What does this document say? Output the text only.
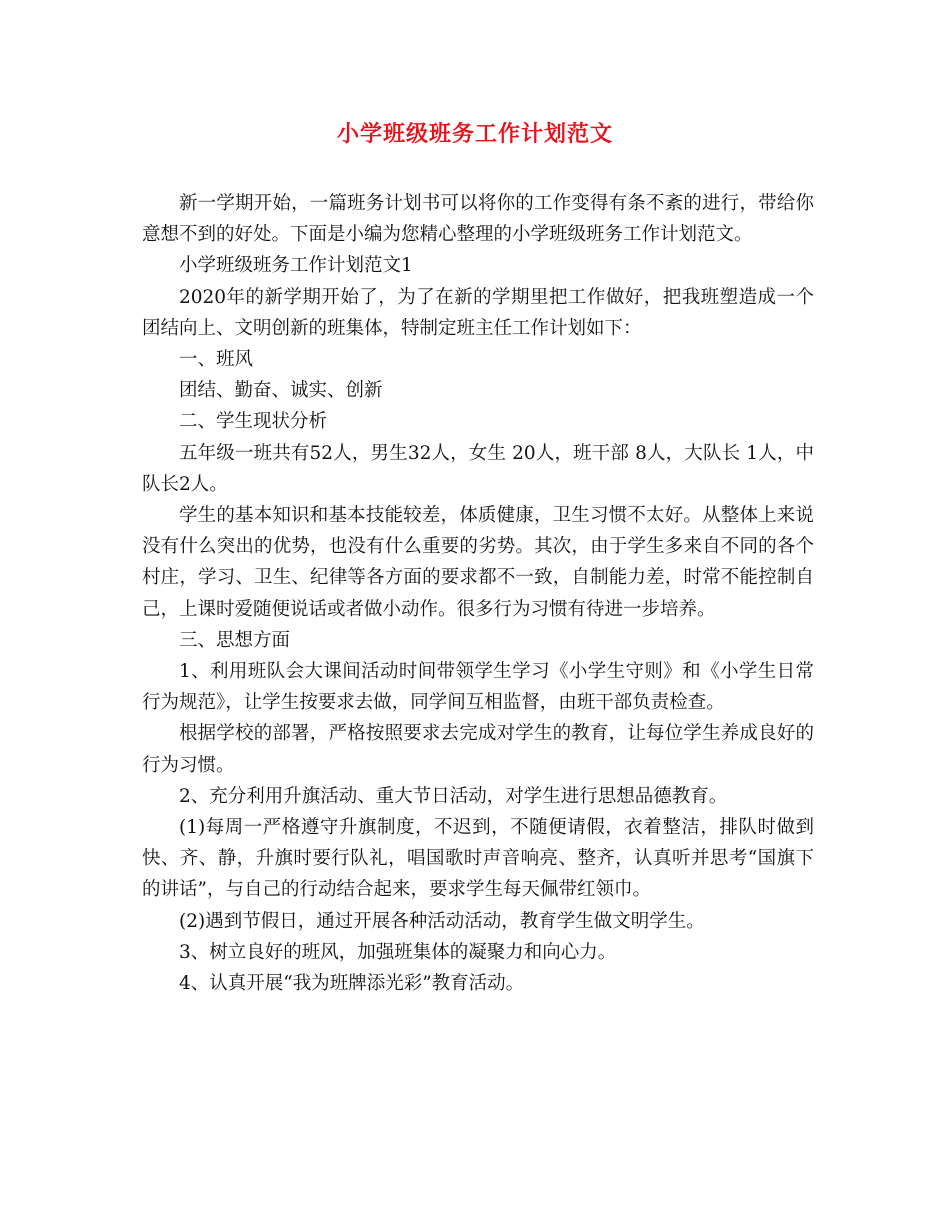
小学班级班务工作计划范文

新一学期开始，一篇班务计划书可以将你的工作变得有条不紊的进行，带给你意想不到的好处。下面是小编为您精心整理的小学班级班务工作计划范文。

小学班级班务工作计划范文1

2020年的新学期开始了，为了在新的学期里把工作做好，把我班塑造成一个团结向上、文明创新的班集体，特制定班主任工作计划如下：

一、班风

团结、勤奋、诚实、创新

二、学生现状分析

五年级一班共有52人，男生32人，女生 20人，班干部 8人，大队长 1人，中队长2人。

学生的基本知识和基本技能较差，体质健康，卫生习惯不太好。从整体上来说没有什么突出的优势，也没有什么重要的劣势。其次，由于学生多来自不同的各个村庄，学习、卫生、纪律等各方面的要求都不一致，自制能力差，时常不能控制自己，上课时爱随便说话或者做小动作。很多行为习惯有待进一步培养。

三、思想方面

1、利用班队会大课间活动时间带领学生学习《小学生守则》和《小学生日常行为规范》，让学生按要求去做，同学间互相监督，由班干部负责检查。

根据学校的部署，严格按照要求去完成对学生的教育，让每位学生养成良好的行为习惯。

2、充分利用升旗活动、重大节日活动，对学生进行思想品德教育。

(1)每周一严格遵守升旗制度，不迟到，不随便请假，衣着整洁，排队时做到快、齐、静，升旗时要行队礼，唱国歌时声音响亮、整齐，认真听并思考“国旗下的讲话”，与自己的行动结合起来，要求学生每天佩带红领巾。

(2)遇到节假日，通过开展各种活动活动，教育学生做文明学生。

3、树立良好的班风，加强班集体的凝聚力和向心力。

4、认真开展“我为班牌添光彩”教育活动。
